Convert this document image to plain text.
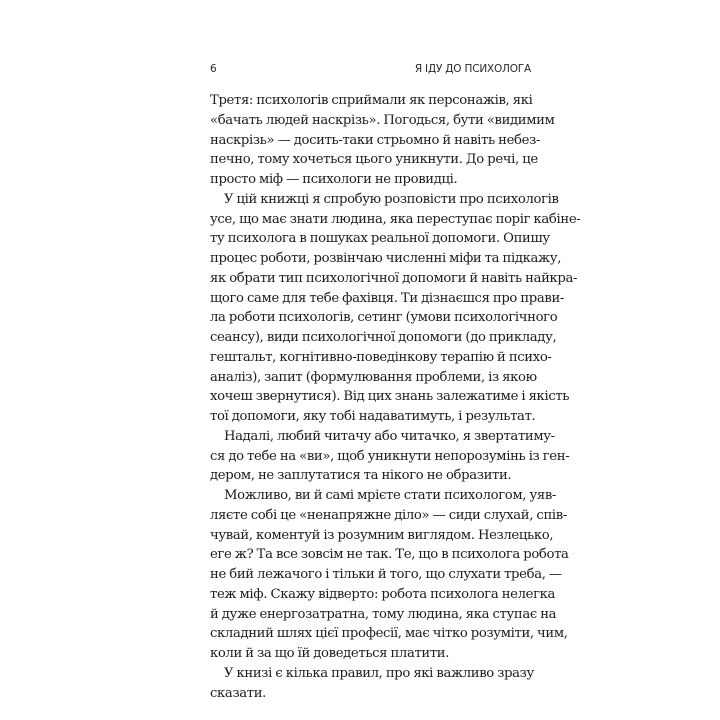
6	Я ІДУ ДО ПСИХОЛОГА
Третя: психологів сприймали як персонажів, які
«бачать людей наскрізь». Погодься, бути «видимим
наскрізь» — досить-таки стрьомно й навіть небез-
печно, тому хочеться цього уникнути. До речі, це
просто міф — психологи не провидці.
У цій книжці я спробую розповісти про психологів
усе, що має знати людина, яка переступає поріг кабіне-
ту психолога в пошуках реальної допомоги. Опишу
процес роботи, розвінчаю численні міфи та підкажу,
як обрати тип психологічної допомоги й навіть найкра-
щого саме для тебе фахівця. Ти дізнаєшся про прави-
ла роботи психологів, сетинг (умови психологічного
сеансу), види психологічної допомоги (до прикладу,
гештальт, когнітивно-поведінкову терапію й психо-
аналіз), запит (формулювання проблеми, із якою
хочеш звернутися). Від цих знань залежатиме і якість
тої допомоги, яку тобі надаватимуть, і результат.
Надалі, любий читачу або читачко, я звертатиму-
ся до тебе на «ви», щоб уникнути непорозумінь із ген-
дером, не заплутатися та нікого не образити.
Можливо, ви й самі мрієте стати психологом, уяв-
ляєте собі це «ненапряжне діло» — сиди слухай, спів-
чувай, коментуй із розумним виглядом. Незлецько,
еге ж? Та все зовсім не так. Те, що в психолога робота
не бий лежачого і тільки й того, що слухати треба, —
теж міф. Скажу відверто: робота психолога нелегка
й дуже енергозатратна, тому людина, яка ступає на
складний шлях цієї професії, має чітко розуміти, чим,
коли й за що їй доведеться платити.
У книзі є кілька правил, про які важливо зразу
сказати.
